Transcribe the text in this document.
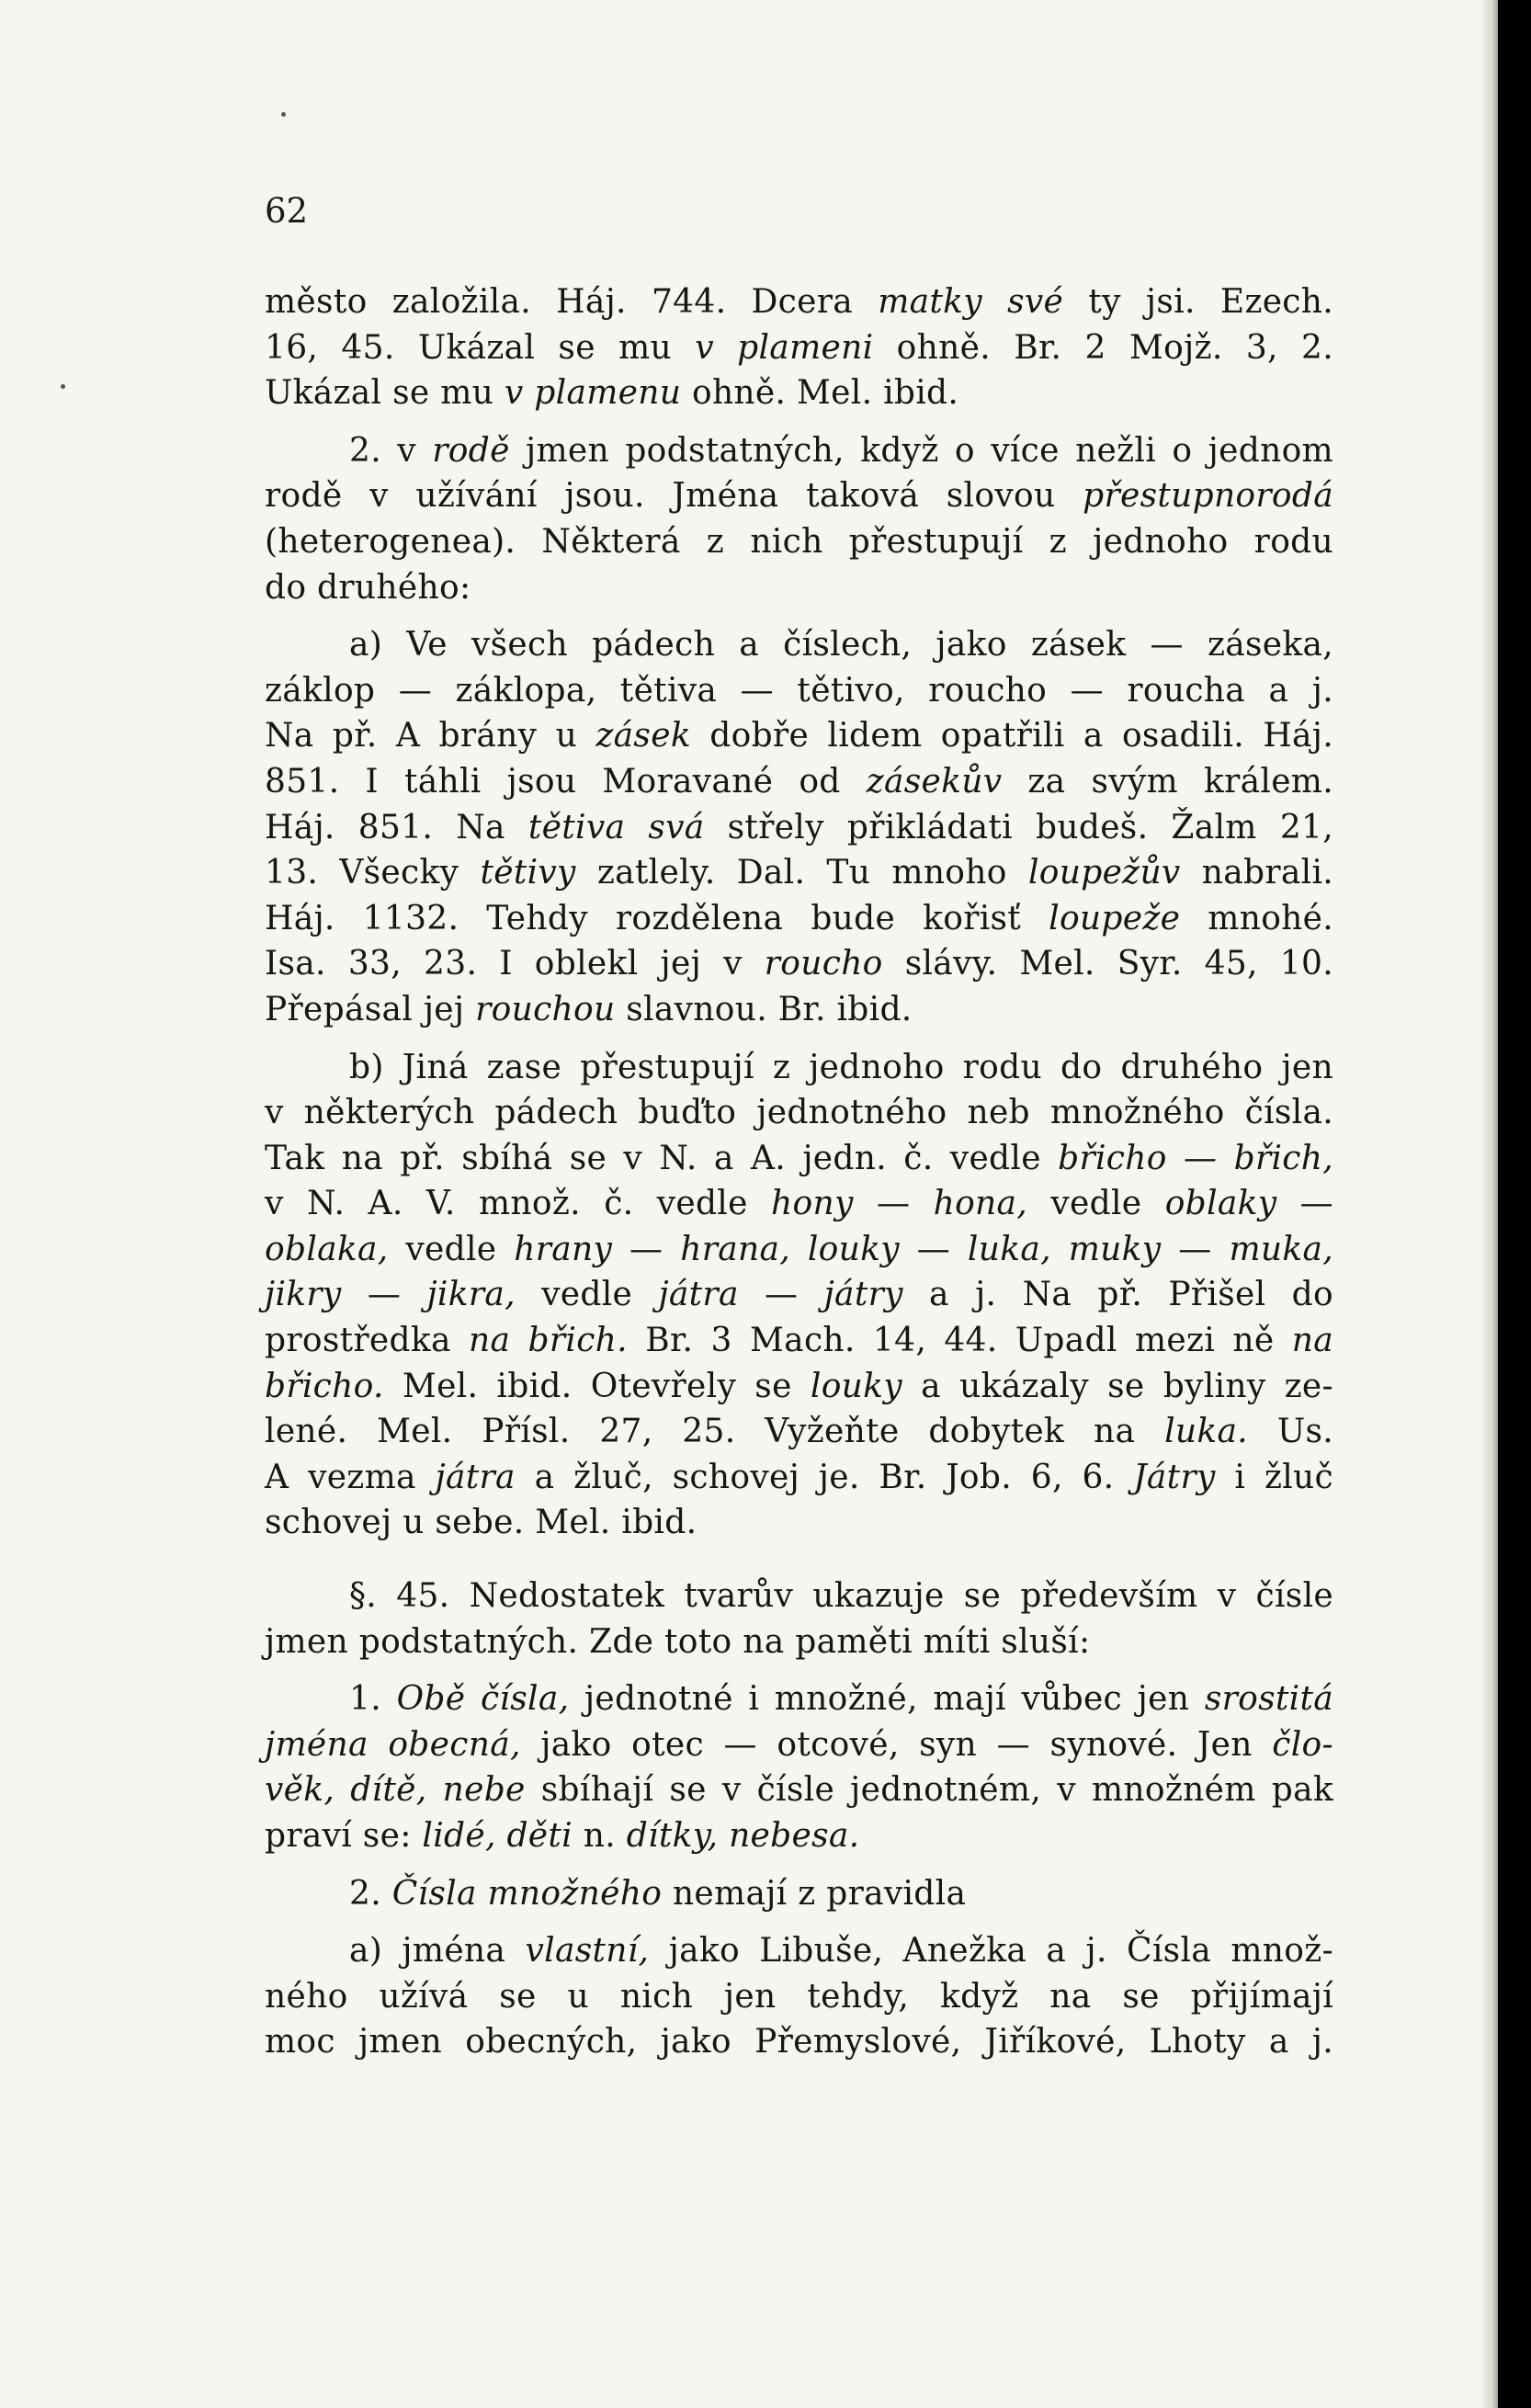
62
město založila. Háj. 744. Dcera matky své ty jsi. Ezech.
16, 45. Ukázal se mu v plameni ohně. Br. 2 Mojž. 3, 2.
Ukázal se mu v plamenu ohně. Mel. ibid.
2. v rodě jmen podstatných, když o více nežli o jednom
rodě v užívání jsou. Jména taková slovou přestupnorodá
(heterogenea). Některá z nich přestupují z jednoho rodu
do druhého:
a) Ve všech pádech a číslech, jako zásek — záseka,
záklop — záklopa, tětiva — tětivo, roucho — roucha a j.
Na př. A brány u zásek dobře lidem opatřili a osadili. Háj.
851. I táhli jsou Moravané od zásekův za svým králem.
Háj. 851. Na tětiva svá střely přikládati budeš. Žalm 21,
13. Všecky tětivy zatlely. Dal. Tu mnoho loupežův nabrali.
Háj. 1132. Tehdy rozdělena bude kořisť loupeže mnohé.
Isa. 33, 23. I oblekl jej v roucho slávy. Mel. Syr. 45, 10.
Přepásal jej rouchou slavnou. Br. ibid.
b) Jiná zase přestupují z jednoho rodu do druhého jen
v některých pádech buďto jednotného neb množného čísla.
Tak na př. sbíhá se v N. a A. jedn. č. vedle břicho — břich,
v N. A. V. množ. č. vedle hony — hona, vedle oblaky —
oblaka, vedle hrany — hrana, louky — luka, muky — muka,
jikry — jikra, vedle játra — játry a j. Na př. Přišel do
prostředka na břich. Br. 3 Mach. 14, 44. Upadl mezi ně na
břicho. Mel. ibid. Otevřely se louky a ukázaly se byliny ze-
lené. Mel. Přísl. 27, 25. Vyžeňte dobytek na luka. Us.
A vezma játra a žluč, schovej je. Br. Job. 6, 6. Játry i žluč
schovej u sebe. Mel. ibid.
§. 45. Nedostatek tvarův ukazuje se především v čísle
jmen podstatných. Zde toto na paměti míti sluší:
1. Obě čísla, jednotné i množné, mají vůbec jen srostitá
jména obecná, jako otec — otcové, syn — synové. Jen člo-
věk, dítě, nebe sbíhají se v čísle jednotném, v množném pak
praví se: lidé, děti n. dítky, nebesa.
2. Čísla množného nemají z pravidla
a) jména vlastní, jako Libuše, Anežka a j. Čísla množ-
ného užívá se u nich jen tehdy, když na se přijímají
moc jmen obecných, jako Přemyslové, Jiříkové, Lhoty a j.
